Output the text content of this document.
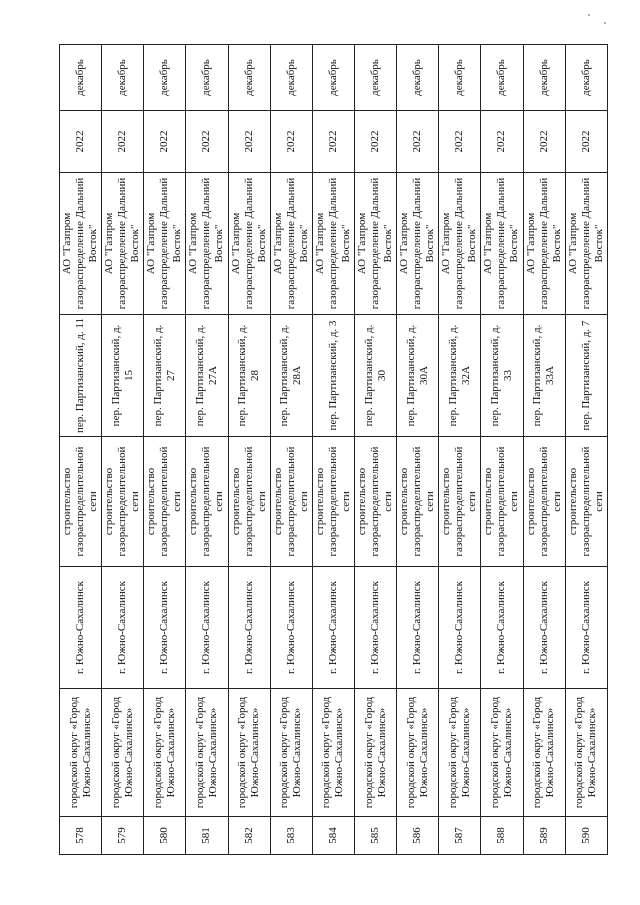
578	городской округ «Город Южно-Сахалинск»	г. Южно-Сахалинск	строительство газораспределительной сети	пер. Партизанский, д. 11	АО "Газпром газораспределение Дальний Восток"	2022	декабрь
579	городской округ «Город Южно-Сахалинск»	г. Южно-Сахалинск	строительство газораспределительной сети	пер. Партизанский, д. 15	АО "Газпром газораспределение Дальний Восток"	2022	декабрь
580	городской округ «Город Южно-Сахалинск»	г. Южно-Сахалинск	строительство газораспределительной сети	пер. Партизанский, д. 27	АО "Газпром газораспределение Дальний Восток"	2022	декабрь
581	городской округ «Город Южно-Сахалинск»	г. Южно-Сахалинск	строительство газораспределительной сети	пер. Партизанский, д. 27А	АО "Газпром газораспределение Дальний Восток"	2022	декабрь
582	городской округ «Город Южно-Сахалинск»	г. Южно-Сахалинск	строительство газораспределительной сети	пер. Партизанский, д. 28	АО "Газпром газораспределение Дальний Восток"	2022	декабрь
583	городской округ «Город Южно-Сахалинск»	г. Южно-Сахалинск	строительство газораспределительной сети	пер. Партизанский, д. 28А	АО "Газпром газораспределение Дальний Восток"	2022	декабрь
584	городской округ «Город Южно-Сахалинск»	г. Южно-Сахалинск	строительство газораспределительной сети	пер. Партизанский, д. 3	АО "Газпром газораспределение Дальний Восток"	2022	декабрь
585	городской округ «Город Южно-Сахалинск»	г. Южно-Сахалинск	строительство газораспределительной сети	пер. Партизанский, д. 30	АО "Газпром газораспределение Дальний Восток"	2022	декабрь
586	городской округ «Город Южно-Сахалинск»	г. Южно-Сахалинск	строительство газораспределительной сети	пер. Партизанский, д. 30А	АО "Газпром газораспределение Дальний Восток"	2022	декабрь
587	городской округ «Город Южно-Сахалинск»	г. Южно-Сахалинск	строительство газораспределительной сети	пер. Партизанский, д. 32А	АО "Газпром газораспределение Дальний Восток"	2022	декабрь
588	городской округ «Город Южно-Сахалинск»	г. Южно-Сахалинск	строительство газораспределительной сети	пер. Партизанский, д. 33	АО "Газпром газораспределение Дальний Восток"	2022	декабрь
589	городской округ «Город Южно-Сахалинск»	г. Южно-Сахалинск	строительство газораспределительной сети	пер. Партизанский, д. 33А	АО "Газпром газораспределение Дальний Восток"	2022	декабрь
590	городской округ «Город Южно-Сахалинск»	г. Южно-Сахалинск	строительство газораспределительной сети	пер. Партизанский, д. 7	АО "Газпром газораспределение Дальний Восток"	2022	декабрь
